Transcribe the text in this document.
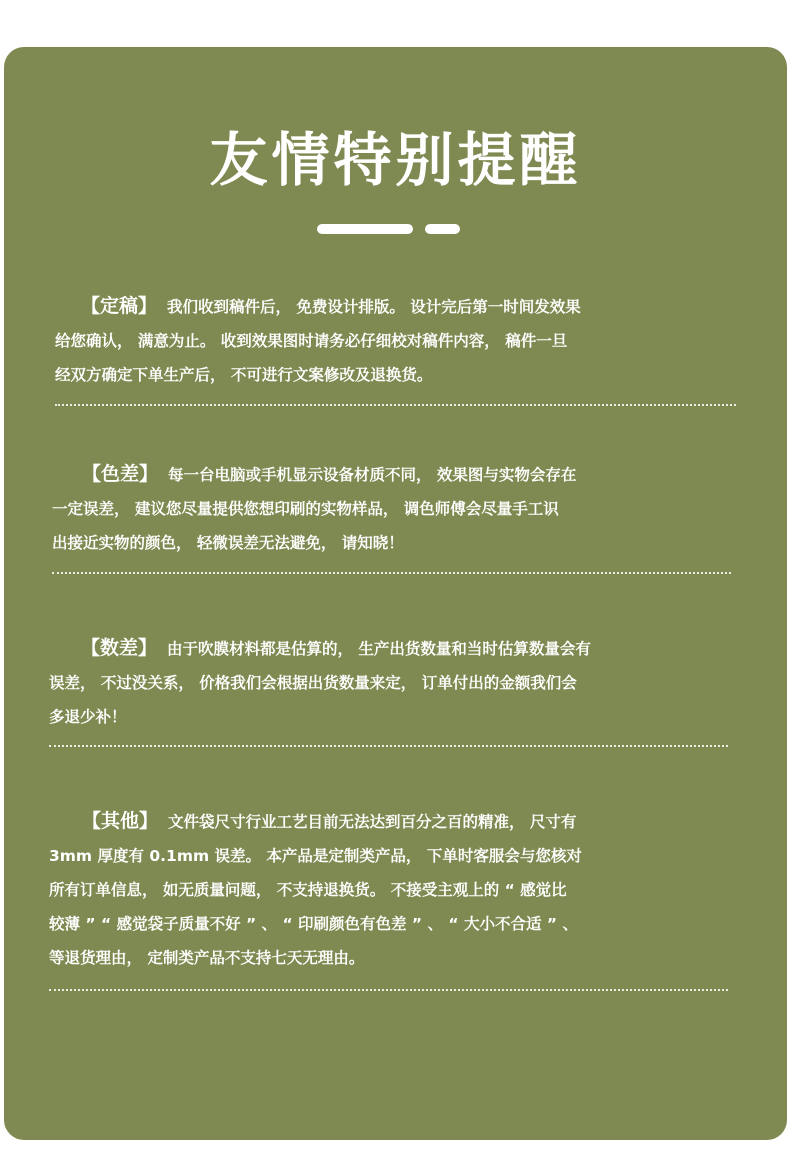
友情特别提醒
【定稿】 我们收到稿件后， 免费设计排版。 设计完后第一时间发效果
给您确认， 满意为止。 收到效果图时请务必仔细校对稿件内容， 稿件一旦
经双方确定下单生产后， 不可进行文案修改及退换货。
【色差】 每一台电脑或手机显示设备材质不同， 效果图与实物会存在
一定误差， 建议您尽量提供您想印刷的实物样品， 调色师傅会尽量手工识
出接近实物的颜色， 轻微误差无法避免， 请知晓！
【数差】 由于吹膜材料都是估算的， 生产出货数量和当时估算数量会有
误差， 不过没关系， 价格我们会根据出货数量来定， 订单付出的金额我们会
多退少补！
【其他】 文件袋尺寸行业工艺目前无法达到百分之百的精准， 尺寸有
3mm 厚度有 0.1mm 误差。 本产品是定制类产品， 下单时客服会与您核对
所有订单信息， 如无质量问题， 不支持退换货。 不接受主观上的 “ 感觉比
较薄 ” “ 感觉袋子质量不好 ” 、 “ 印刷颜色有色差 ” 、 “ 大小不合适 ” 、
等退货理由， 定制类产品不支持七天无理由。
